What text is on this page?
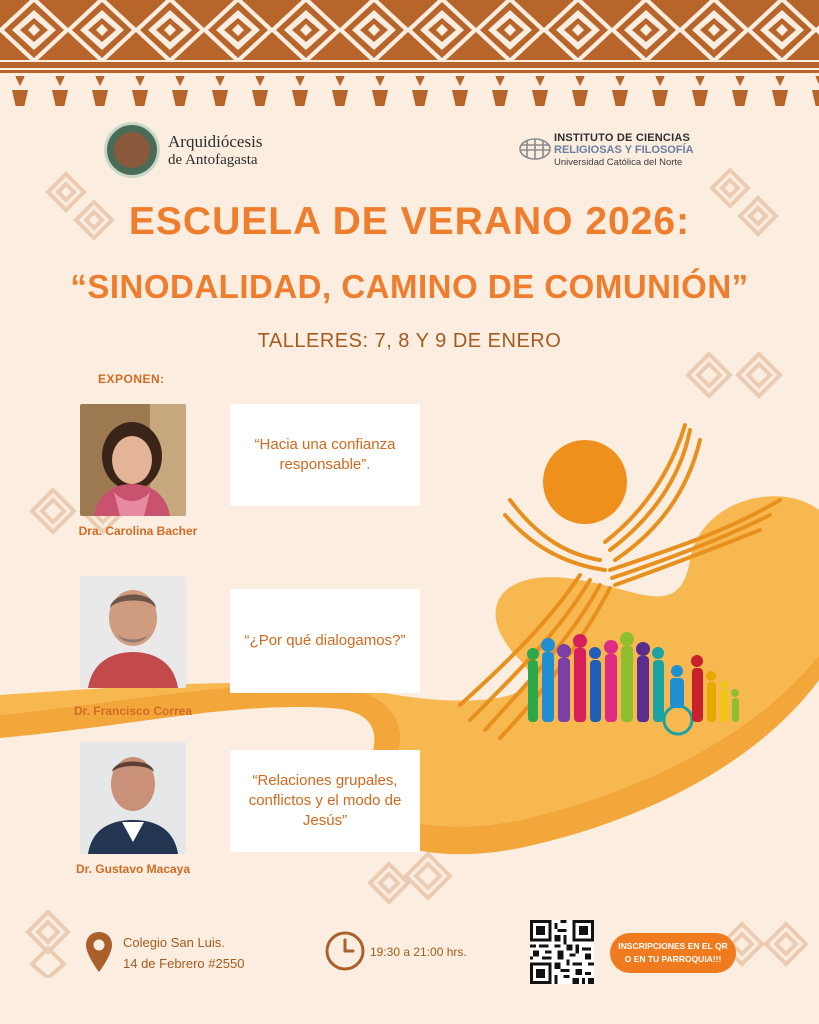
Arquidiócesis
de Antofagasta
INSTITUTO DE CIENCIAS
RELIGIOSAS Y FILOSOFÍA
Universidad Católica del Norte
ESCUELA DE VERANO 2026:
“SINODALIDAD, CAMINO DE COMUNIÓN”
TALLERES: 7, 8 Y 9 DE ENERO
EXPONEN:
Dra. Carolina Bacher
“Hacia una confianza responsable”.
Dr. Francisco Correa
“¿Por qué dialogamos?”
Dr. Gustavo Macaya
“Relaciones grupales, conflictos y el modo de Jesús”
Colegio San Luis.
14 de Febrero #2550
19:30 a 21:00 hrs.	INSCRIPCIONES EN EL QR
O EN TU PARROQUIA!!!
